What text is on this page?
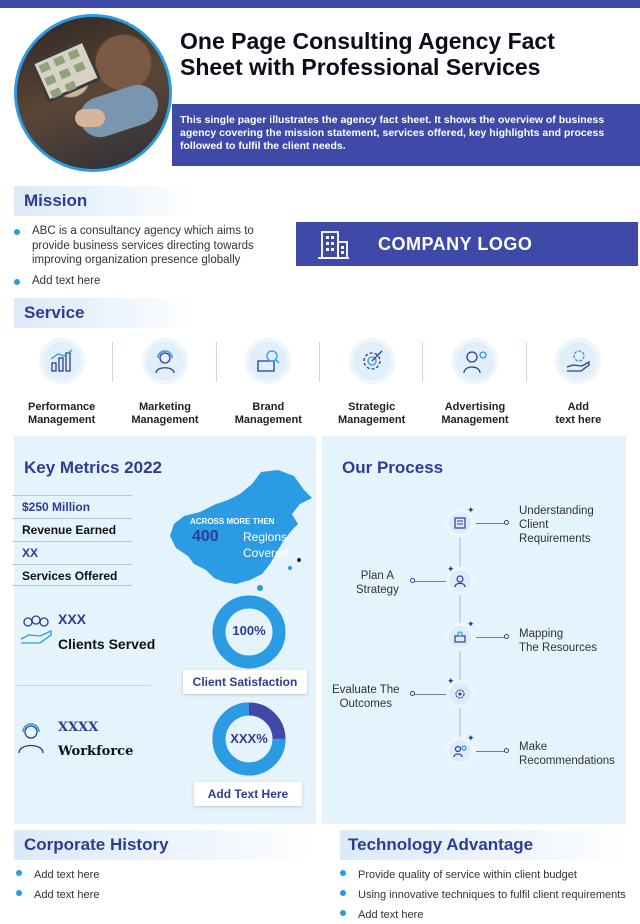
One Page Consulting Agency Fact
Sheet with Professional Services
This single pager illustrates the agency fact sheet. It shows the overview of business agency covering the mission statement, services offered, key highlights and process followed to fulfil the client needs.
Mission
ABC is a consultancy agency which aims to provide business services directing towards improving organization presence globally
Add text here
COMPANY LOGO
Service
Performance
Management
Marketing
Management
Brand
Management
Strategic
Management
Advertising
Management
Add
text here
Key Metrics 2022
$250 Million
Revenue Earned
XX
Services Offered
ACROSS MORE THEN
400 Regions
Covered
XXX
Clients Served
XXXX
Workforce
100%
Client Satisfaction
XXX%
Add Text Here
Our Process
✦	Understanding
Client
Requirements
✦
Plan A
Strategy
✦
Mapping
The Resources
✦
Evaluate The
Outcomes
✦
Make
Recommendations
Corporate History
Add text here
Add text here
Technology Advantage
Provide quality of service within client budget
Using innovative techniques to fulfil client requirements
Add text here
